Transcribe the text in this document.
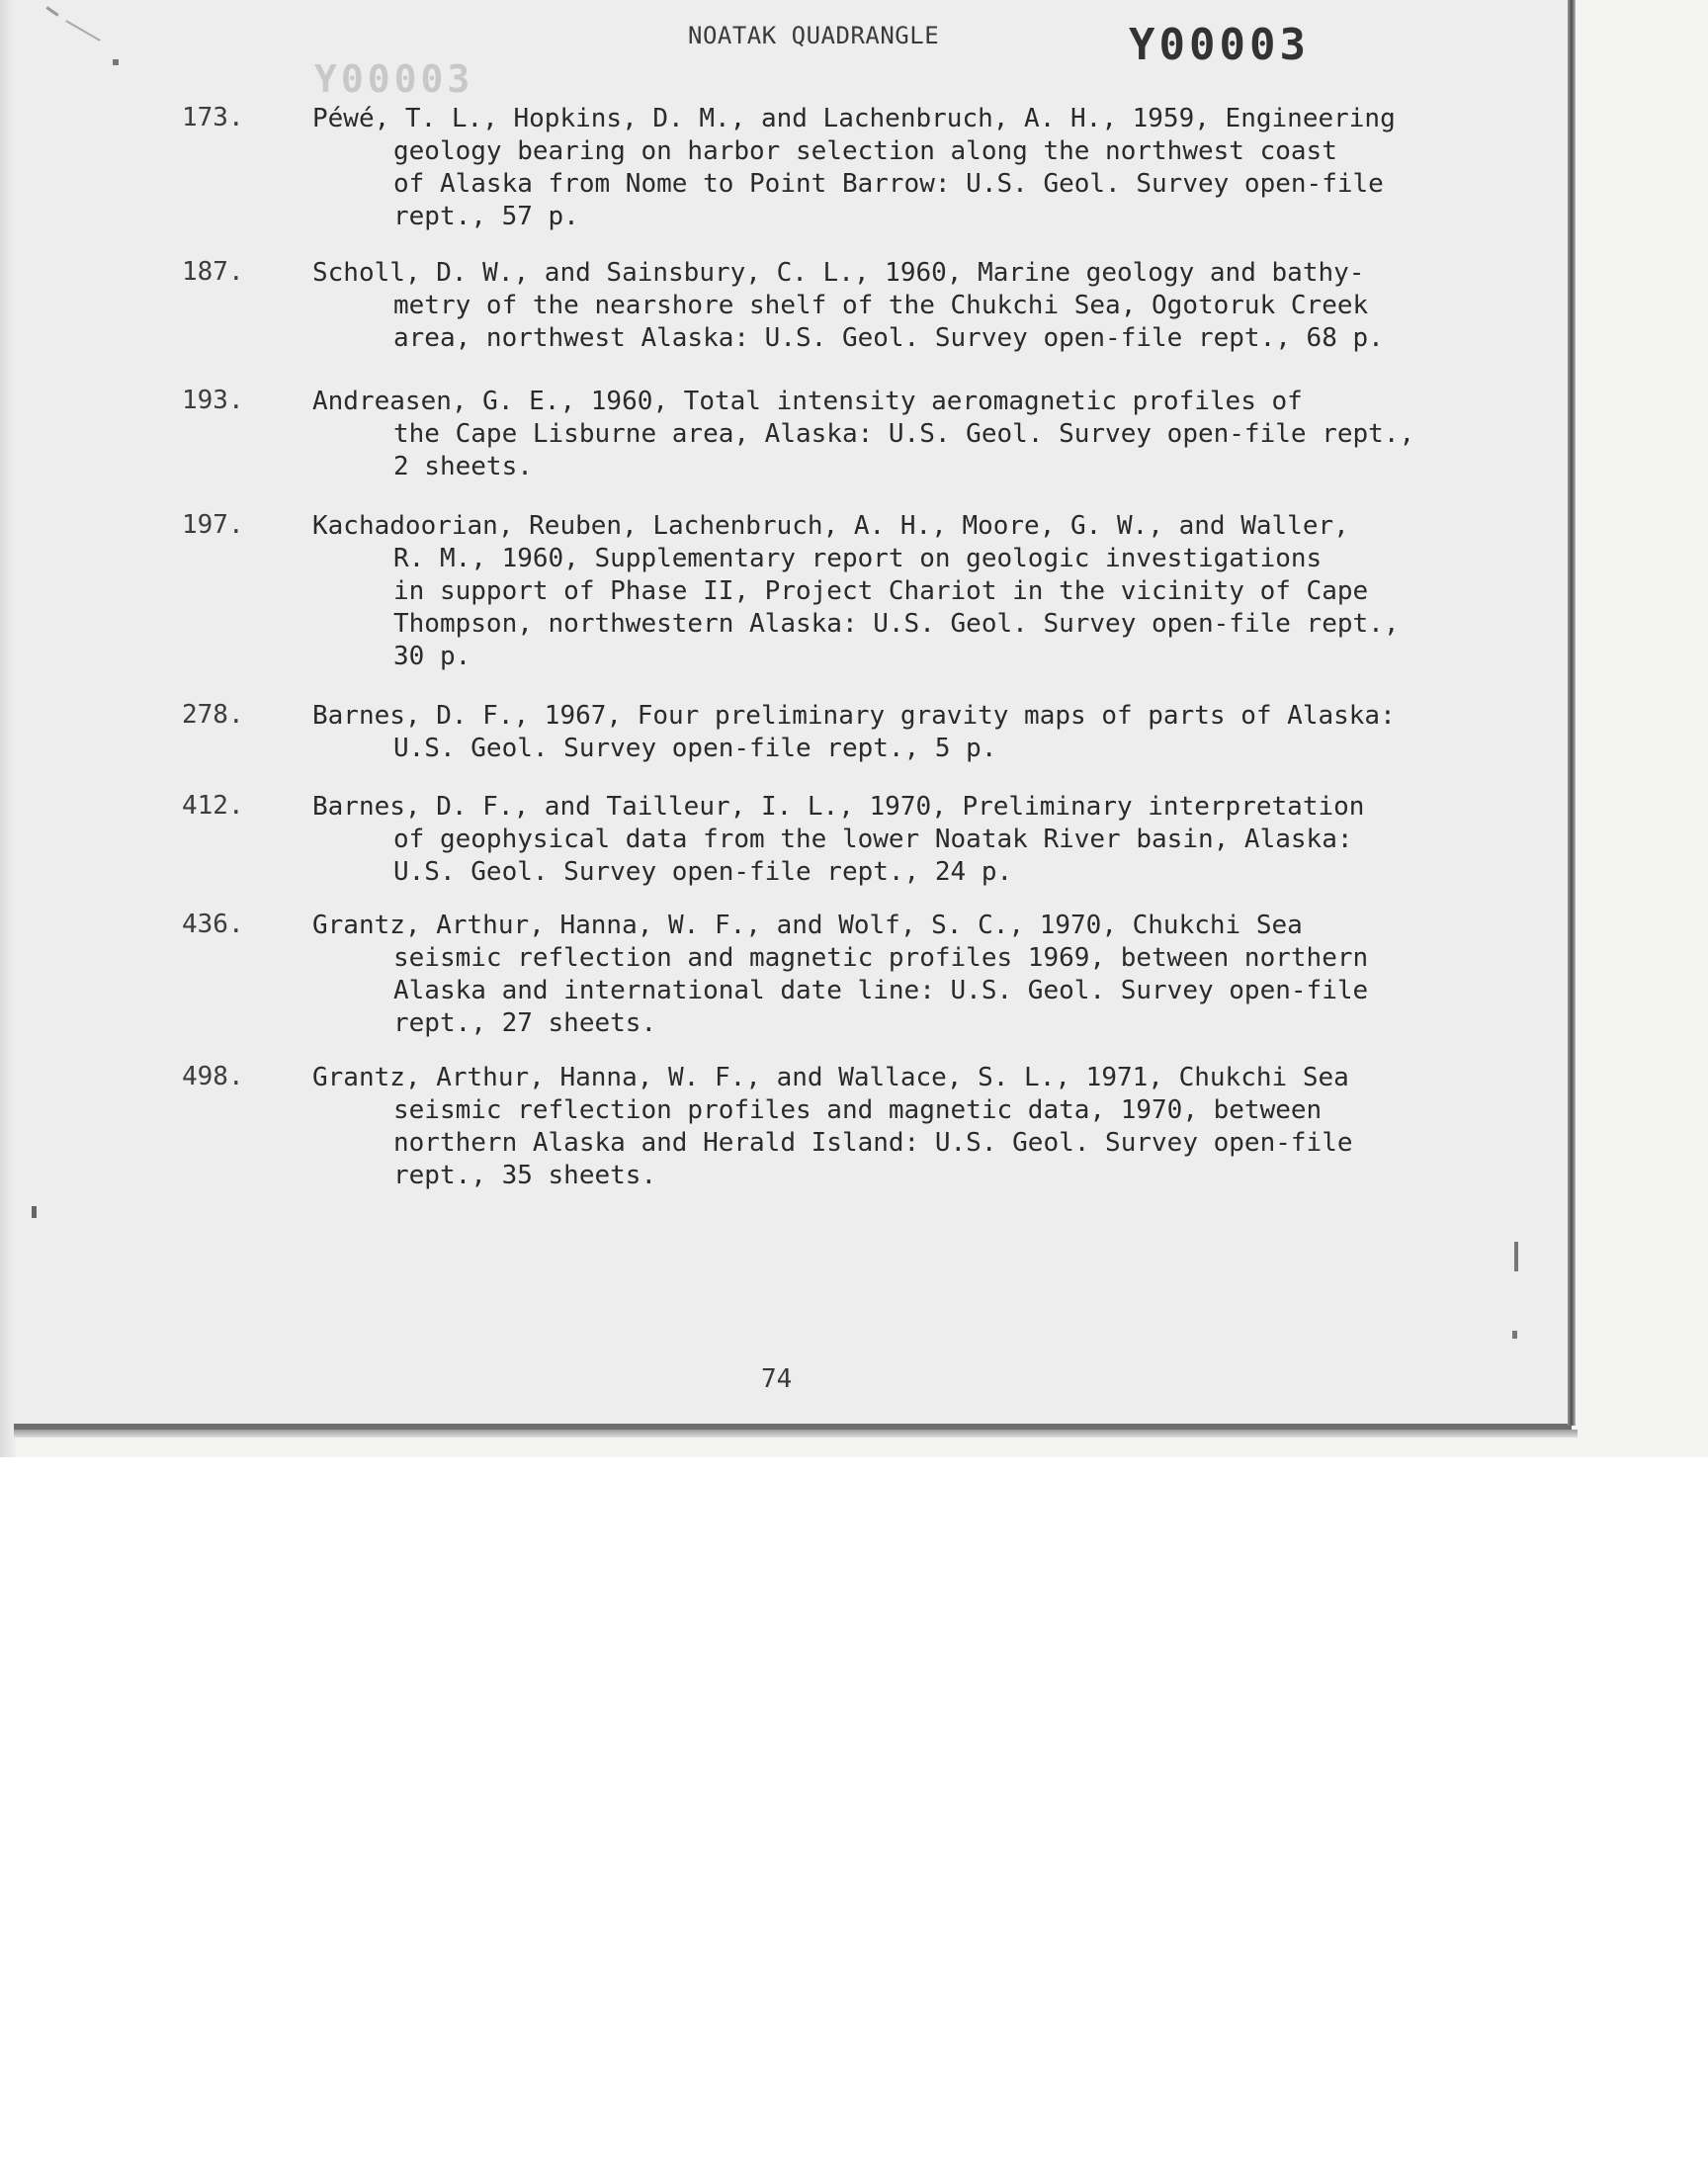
NOATAK QUADRANGLE
Y00003
Y00003
173.	Péwé, T. L., Hopkins, D. M., and Lachenbruch, A. H., 1959, Engineering
geology bearing on harbor selection along the northwest coast
of Alaska from Nome to Point Barrow: U.S. Geol. Survey open-file
rept., 57 p.
187.	Scholl, D. W., and Sainsbury, C. L., 1960, Marine geology and bathy-
metry of the nearshore shelf of the Chukchi Sea, Ogotoruk Creek
area, northwest Alaska: U.S. Geol. Survey open-file rept., 68 p.
193.	Andreasen, G. E., 1960, Total intensity aeromagnetic profiles of
the Cape Lisburne area, Alaska: U.S. Geol. Survey open-file rept.,
2 sheets.
197.	Kachadoorian, Reuben, Lachenbruch, A. H., Moore, G. W., and Waller,
R. M., 1960, Supplementary report on geologic investigations
in support of Phase II, Project Chariot in the vicinity of Cape
Thompson, northwestern Alaska: U.S. Geol. Survey open-file rept.,
30 p.
278.	Barnes, D. F., 1967, Four preliminary gravity maps of parts of Alaska:
U.S. Geol. Survey open-file rept., 5 p.
412.	Barnes, D. F., and Tailleur, I. L., 1970, Preliminary interpretation
of geophysical data from the lower Noatak River basin, Alaska:
U.S. Geol. Survey open-file rept., 24 p.
436.	Grantz, Arthur, Hanna, W. F., and Wolf, S. C., 1970, Chukchi Sea
seismic reflection and magnetic profiles 1969, between northern
Alaska and international date line: U.S. Geol. Survey open-file
rept., 27 sheets.
498.	Grantz, Arthur, Hanna, W. F., and Wallace, S. L., 1971, Chukchi Sea
seismic reflection profiles and magnetic data, 1970, between
northern Alaska and Herald Island: U.S. Geol. Survey open-file
rept., 35 sheets.
74
